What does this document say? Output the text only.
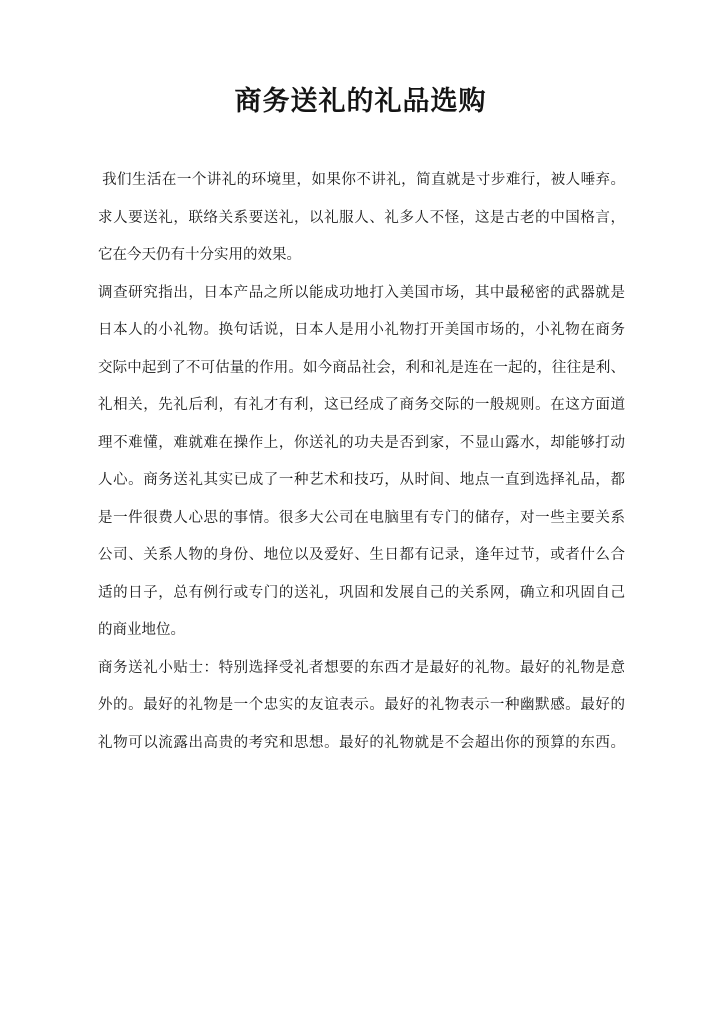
商务送礼的礼品选购
我们生活在一个讲礼的环境里，如果你不讲礼，简直就是寸步难行，被人唾弃。
求人要送礼，联络关系要送礼，以礼服人、礼多人不怪，这是古老的中国格言，
它在今天仍有十分实用的效果。
调查研究指出，日本产品之所以能成功地打入美国市场，其中最秘密的武器就是
日本人的小礼物。换句话说，日本人是用小礼物打开美国市场的，小礼物在商务
交际中起到了不可估量的作用。如今商品社会，利和礼是连在一起的，往往是利、
礼相关，先礼后利，有礼才有利，这已经成了商务交际的一般规则。在这方面道
理不难懂，难就难在操作上，你送礼的功夫是否到家，不显山露水，却能够打动
人心。商务送礼其实已成了一种艺术和技巧，从时间、地点一直到选择礼品，都
是一件很费人心思的事情。很多大公司在电脑里有专门的储存，对一些主要关系
公司、关系人物的身份、地位以及爱好、生日都有记录，逢年过节，或者什么合
适的日子，总有例行或专门的送礼，巩固和发展自己的关系网，确立和巩固自己
的商业地位。
商务送礼小贴士：特别选择受礼者想要的东西才是最好的礼物。最好的礼物是意
外的。最好的礼物是一个忠实的友谊表示。最好的礼物表示一种幽默感。最好的
礼物可以流露出高贵的考究和思想。最好的礼物就是不会超出你的预算的东西。
